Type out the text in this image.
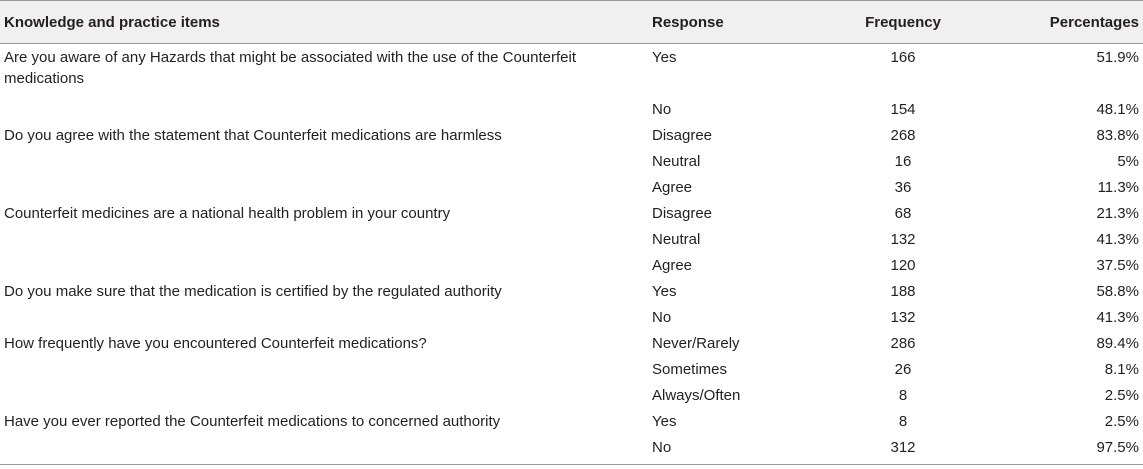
Knowledge and practice items	Response	Frequency	Percentages
Are you aware of any Hazards that might be associated with the use of the Counterfeit medications	Yes	166	51.9%
	No	154	48.1%
Do you agree with the statement that Counterfeit medications are harmless	Disagree	268	83.8%
	Neutral	16	5%
	Agree	36	11.3%
Counterfeit medicines are a national health problem in your country	Disagree	68	21.3%
	Neutral	132	41.3%
	Agree	120	37.5%
Do you make sure that the medication is certified by the regulated authority	Yes	188	58.8%
	No	132	41.3%
How frequently have you encountered Counterfeit medications?	Never/Rarely	286	89.4%
	Sometimes	26	8.1%
	Always/Often	8	2.5%
Have you ever reported the Counterfeit medications to concerned authority	Yes	8	2.5%
	No	312	97.5%
